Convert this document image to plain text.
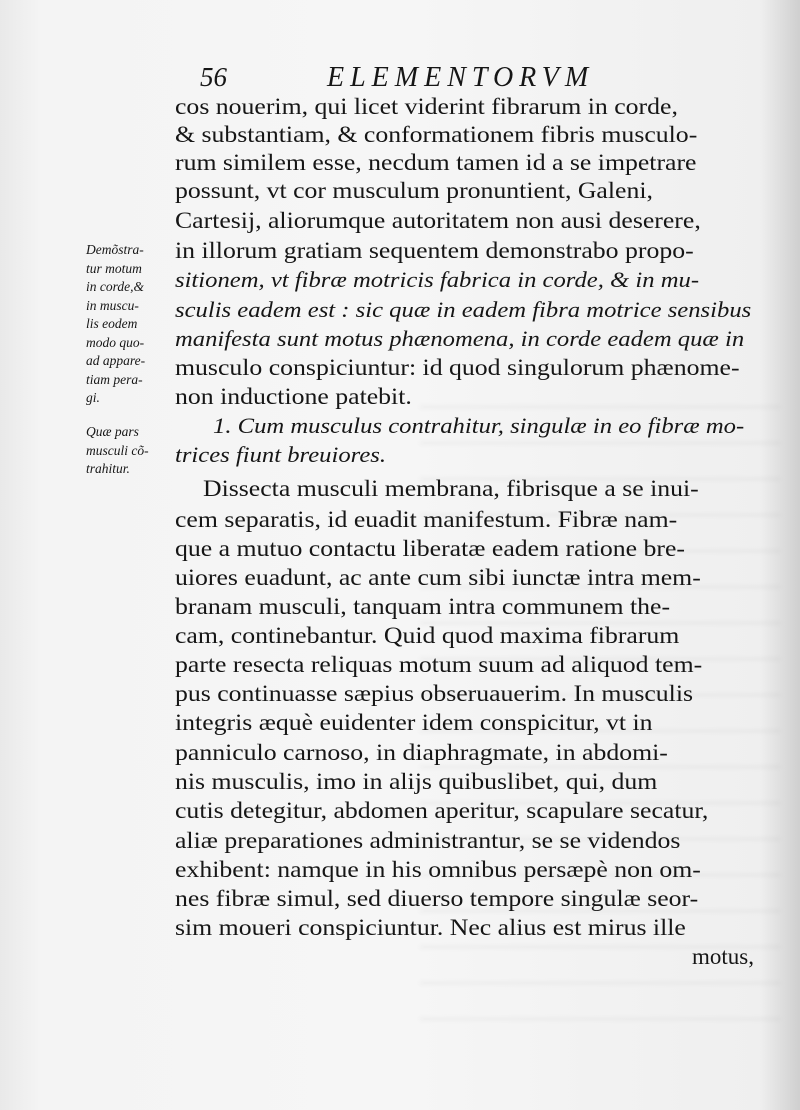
56	ELEMENTORVM
Demõstra-
tur motum
in corde,&
in muscu-
lis eodem
modo quo-
ad appare-
tiam pera-
gi.
Quæ pars
musculi cõ-
trahitur.
cos nouerim, qui licet viderint fibrarum in corde,
& substantiam, & conformationem fibris musculo-
rum similem esse, necdum tamen id a se impetrare
possunt, vt cor musculum pronuntient, Galeni,
Cartesij, aliorumque autoritatem non ausi deserere,
in illorum gratiam sequentem demonstrabo propo-
sitionem, vt fibræ motricis fabrica in corde, & in mu-
sculis eadem est : sic quæ in eadem fibra motrice sensibus
manifesta sunt motus phænomena, in corde eadem quæ in
musculo conspiciuntur: id quod singulorum phænome-
non inductione patebit.
1. Cum musculus contrahitur, singulæ in eo fibræ mo-
trices fiunt breuiores.
Dissecta musculi membrana, fibrisque a se inui-
cem separatis, id euadit manifestum. Fibræ nam-
que a mutuo contactu liberatæ eadem ratione bre-
uiores euadunt, ac ante cum sibi iunctæ intra mem-
branam musculi, tanquam intra communem the-
cam, continebantur. Quid quod maxima fibrarum
parte resecta reliquas motum suum ad aliquod tem-
pus continuasse sæpius obseruauerim. In musculis
integris æquè euidenter idem conspicitur, vt in
panniculo carnoso, in diaphragmate, in abdomi-
nis musculis, imo in alijs quibuslibet, qui, dum
cutis detegitur, abdomen aperitur, scapulare secatur,
aliæ preparationes administrantur, se se videndos
exhibent: namque in his omnibus persæpè non om-
nes fibræ simul, sed diuerso tempore singulæ seor-
sim moueri conspiciuntur. Nec alius est mirus ille
motus,
